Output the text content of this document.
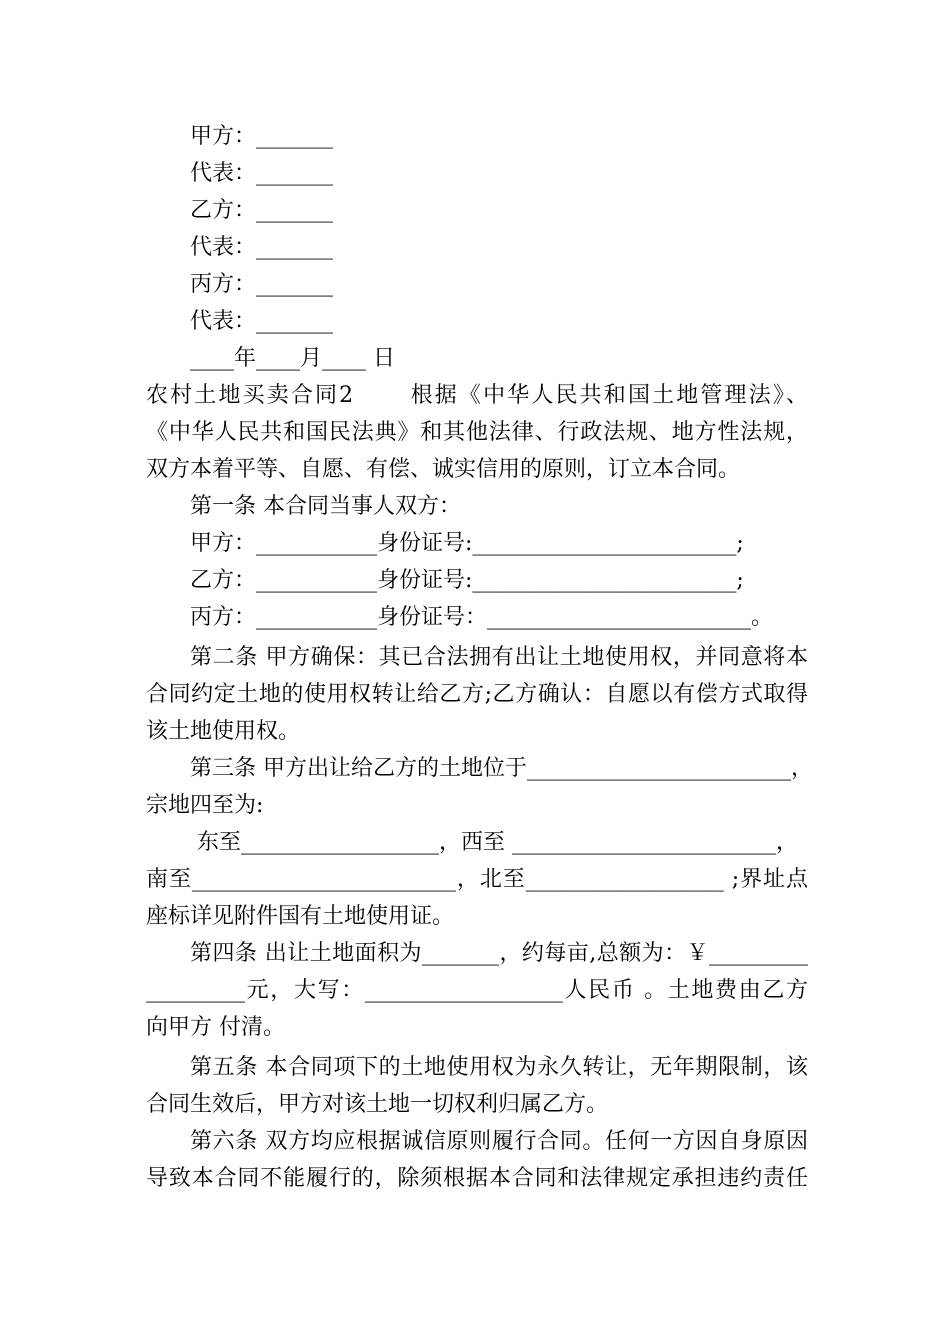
甲方：_______
代表：_______
乙方：_______
代表：_______
丙方：_______
代表：_______
____年____月____ 日
农村土地买卖合同2 　　根据《中华人民共和国土地管理法》、
《中华人民共和国民法典》和其他法律、行政法规、地方性法规，
双方本着平等、自愿、有偿、诚实信用的原则，订立本合同。
第一条 本合同当事人双方：
甲方：___________身份证号:________________________;
乙方：___________身份证号:________________________;
丙方：___________身份证号：________________________。
第二条 甲方确保：其已合法拥有出让土地使用权，并同意将本
合同约定土地的使用权转让给乙方;乙方确认：自愿以有偿方式取得
该土地使用权。
第三条 甲方出让给乙方的土地位于________________________，
宗地四至为:
东至__________________，西至 ________________________，
南至________________________，北至__________________ ;界址点
座标详见附件国有土地使用证。
第四条 出让土地面积为_______，约每亩,总额为：￥_________
_________元，大写：__________________人民币 。土地费由乙方
向甲方 付清。
第五条 本合同项下的土地使用权为永久转让，无年期限制，该
合同生效后，甲方对该土地一切权利归属乙方。
第六条 双方均应根据诚信原则履行合同。任何一方因自身原因
导致本合同不能履行的，除须根据本合同和法律规定承担违约责任
